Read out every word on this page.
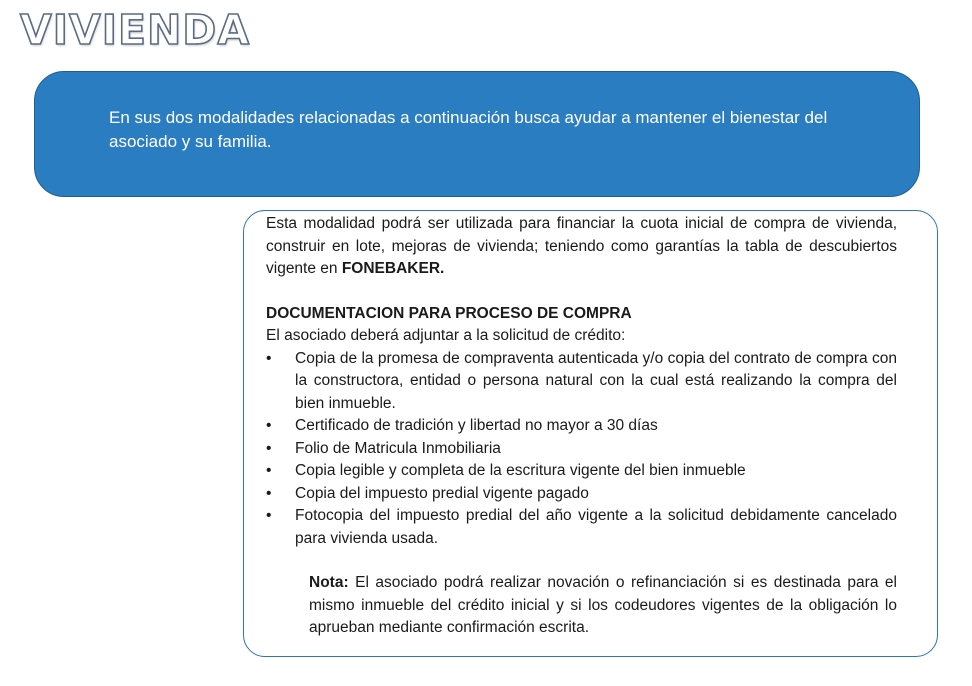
VIVIENDA

En sus dos modalidades relacionadas a continuación busca ayudar a mantener el bienestar del asociado y su familia.

Esta modalidad podrá ser utilizada para financiar la cuota inicial de compra de vivienda, construir en lote, mejoras de vivienda; teniendo como garantías la tabla de descubiertos vigente en FONEBAKER.

DOCUMENTACION PARA PROCESO DE COMPRA

El asociado deberá adjuntar a la solicitud de crédito:

• Copia de la promesa de compraventa autenticada y/o copia del contrato de compra con la constructora, entidad o persona natural con la cual está realizando la compra del bien inmueble.
• Certificado de tradición y libertad no mayor a 30 días
• Folio de Matricula Inmobiliaria
• Copia legible y completa de la escritura vigente del bien inmueble
• Copia del impuesto predial vigente pagado
• Fotocopia del impuesto predial del año vigente a la solicitud debidamente cancelado para vivienda usada.

Nota: El asociado podrá realizar novación o refinanciación si es destinada para el mismo inmueble del crédito inicial y si los codeudores vigentes de la obligación lo aprueban mediante confirmación escrita.
